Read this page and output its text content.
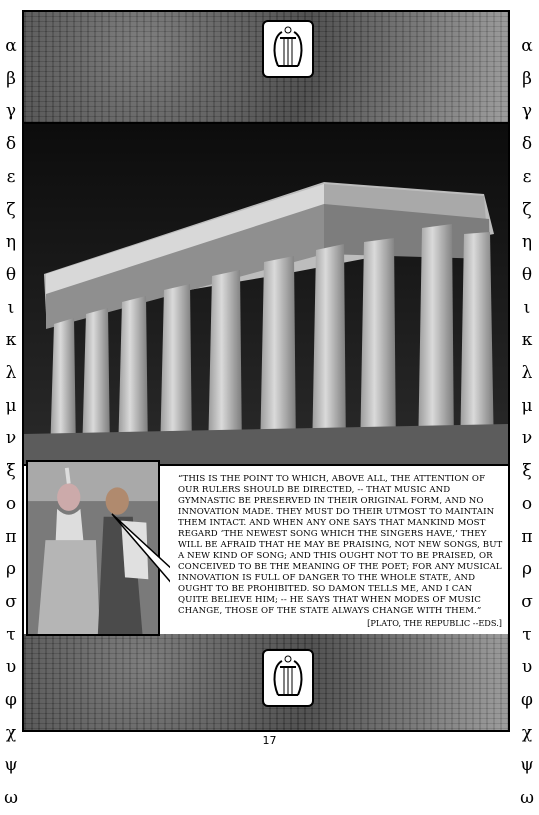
“THIS IS THE POINT TO WHICH, ABOVE ALL, THE ATTENTION OF OUR RULERS SHOULD BE DIRECTED, -- THAT MUSIC AND GYMNASTIC BE PRESERVED IN THEIR ORIGINAL FORM, AND NO INNOVATION MADE. THEY MUST DO THEIR UTMOST TO MAINTAIN THEM INTACT. AND WHEN ANY ONE SAYS THAT MANKIND MOST REGARD ‘THE NEWEST SONG WHICH THE SINGERS HAVE,’ THEY WILL BE AFRAID THAT HE MAY BE PRAISING, NOT NEW SONGS, BUT A NEW KIND OF SONG; AND THIS OUGHT NOT TO BE PRAISED, OR CONCEIVED TO BE THE MEANING OF THE POET; FOR ANY MUSICAL INNOVATION IS FULL OF DANGER TO THE WHOLE STATE, AND OUGHT TO BE PROHIBITED. SO DAMON TELLS ME, AND I CAN QUITE BELIEVE HIM; -- HE SAYS THAT WHEN MODES OF MUSIC CHANGE, THOSE OF THE STATE ALWAYS CHANGE WITH THEM.”

[PLATO, THE REPUBLIC --EDS.]
α
β
γ
δ
ε
ζ
η
θ
ι
κ
λ
μ
ν
ξ
ο
π
ρ
σ
τ
υ
φ
χ
ψ
ω
α
β
γ
δ
ε
ζ
η
θ
ι
κ
λ
μ
ν
ξ
ο
π
ρ
σ
τ
υ
φ
χ
ψ
ω
17
